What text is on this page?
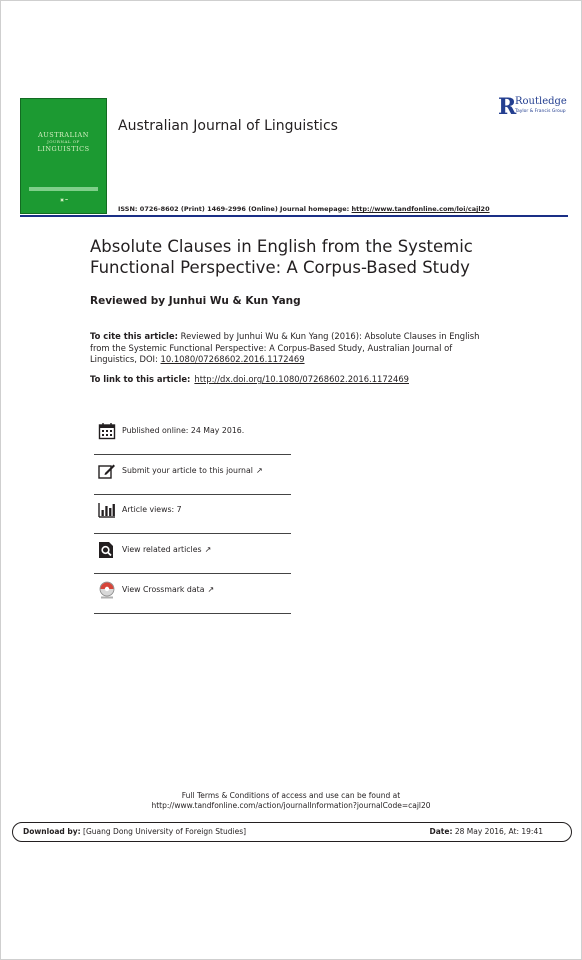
AUSTRALIAN
JOURNAL OF
LINGUISTICS
▣ ═
Australian Journal of Linguistics
R
Routledge
Taylor & Francis Group
ISSN: 0726-8602 (Print) 1469-2996 (Online) Journal homepage: http://www.tandfonline.com/loi/cajl20
Absolute Clauses in English from the Systemic Functional Perspective: A Corpus-Based Study
Reviewed by Junhui Wu & Kun Yang
To cite this article: Reviewed by Junhui Wu & Kun Yang (2016): Absolute Clauses in English from the Systemic Functional Perspective: A Corpus-Based Study, Australian Journal of Linguistics, DOI: 10.1080/07268602.2016.1172469
To link to this article: http://dx.doi.org/10.1080/07268602.2016.1172469
Published online: 24 May 2016.
Submit your article to this journal ↗
Article views: 7
View related articles ↗
View Crossmark data ↗
Full Terms & Conditions of access and use can be found at
http://www.tandfonline.com/action/journalInformation?journalCode=cajl20
Download by: [Guang Dong University of Foreign Studies]	Date: 28 May 2016, At: 19:41
